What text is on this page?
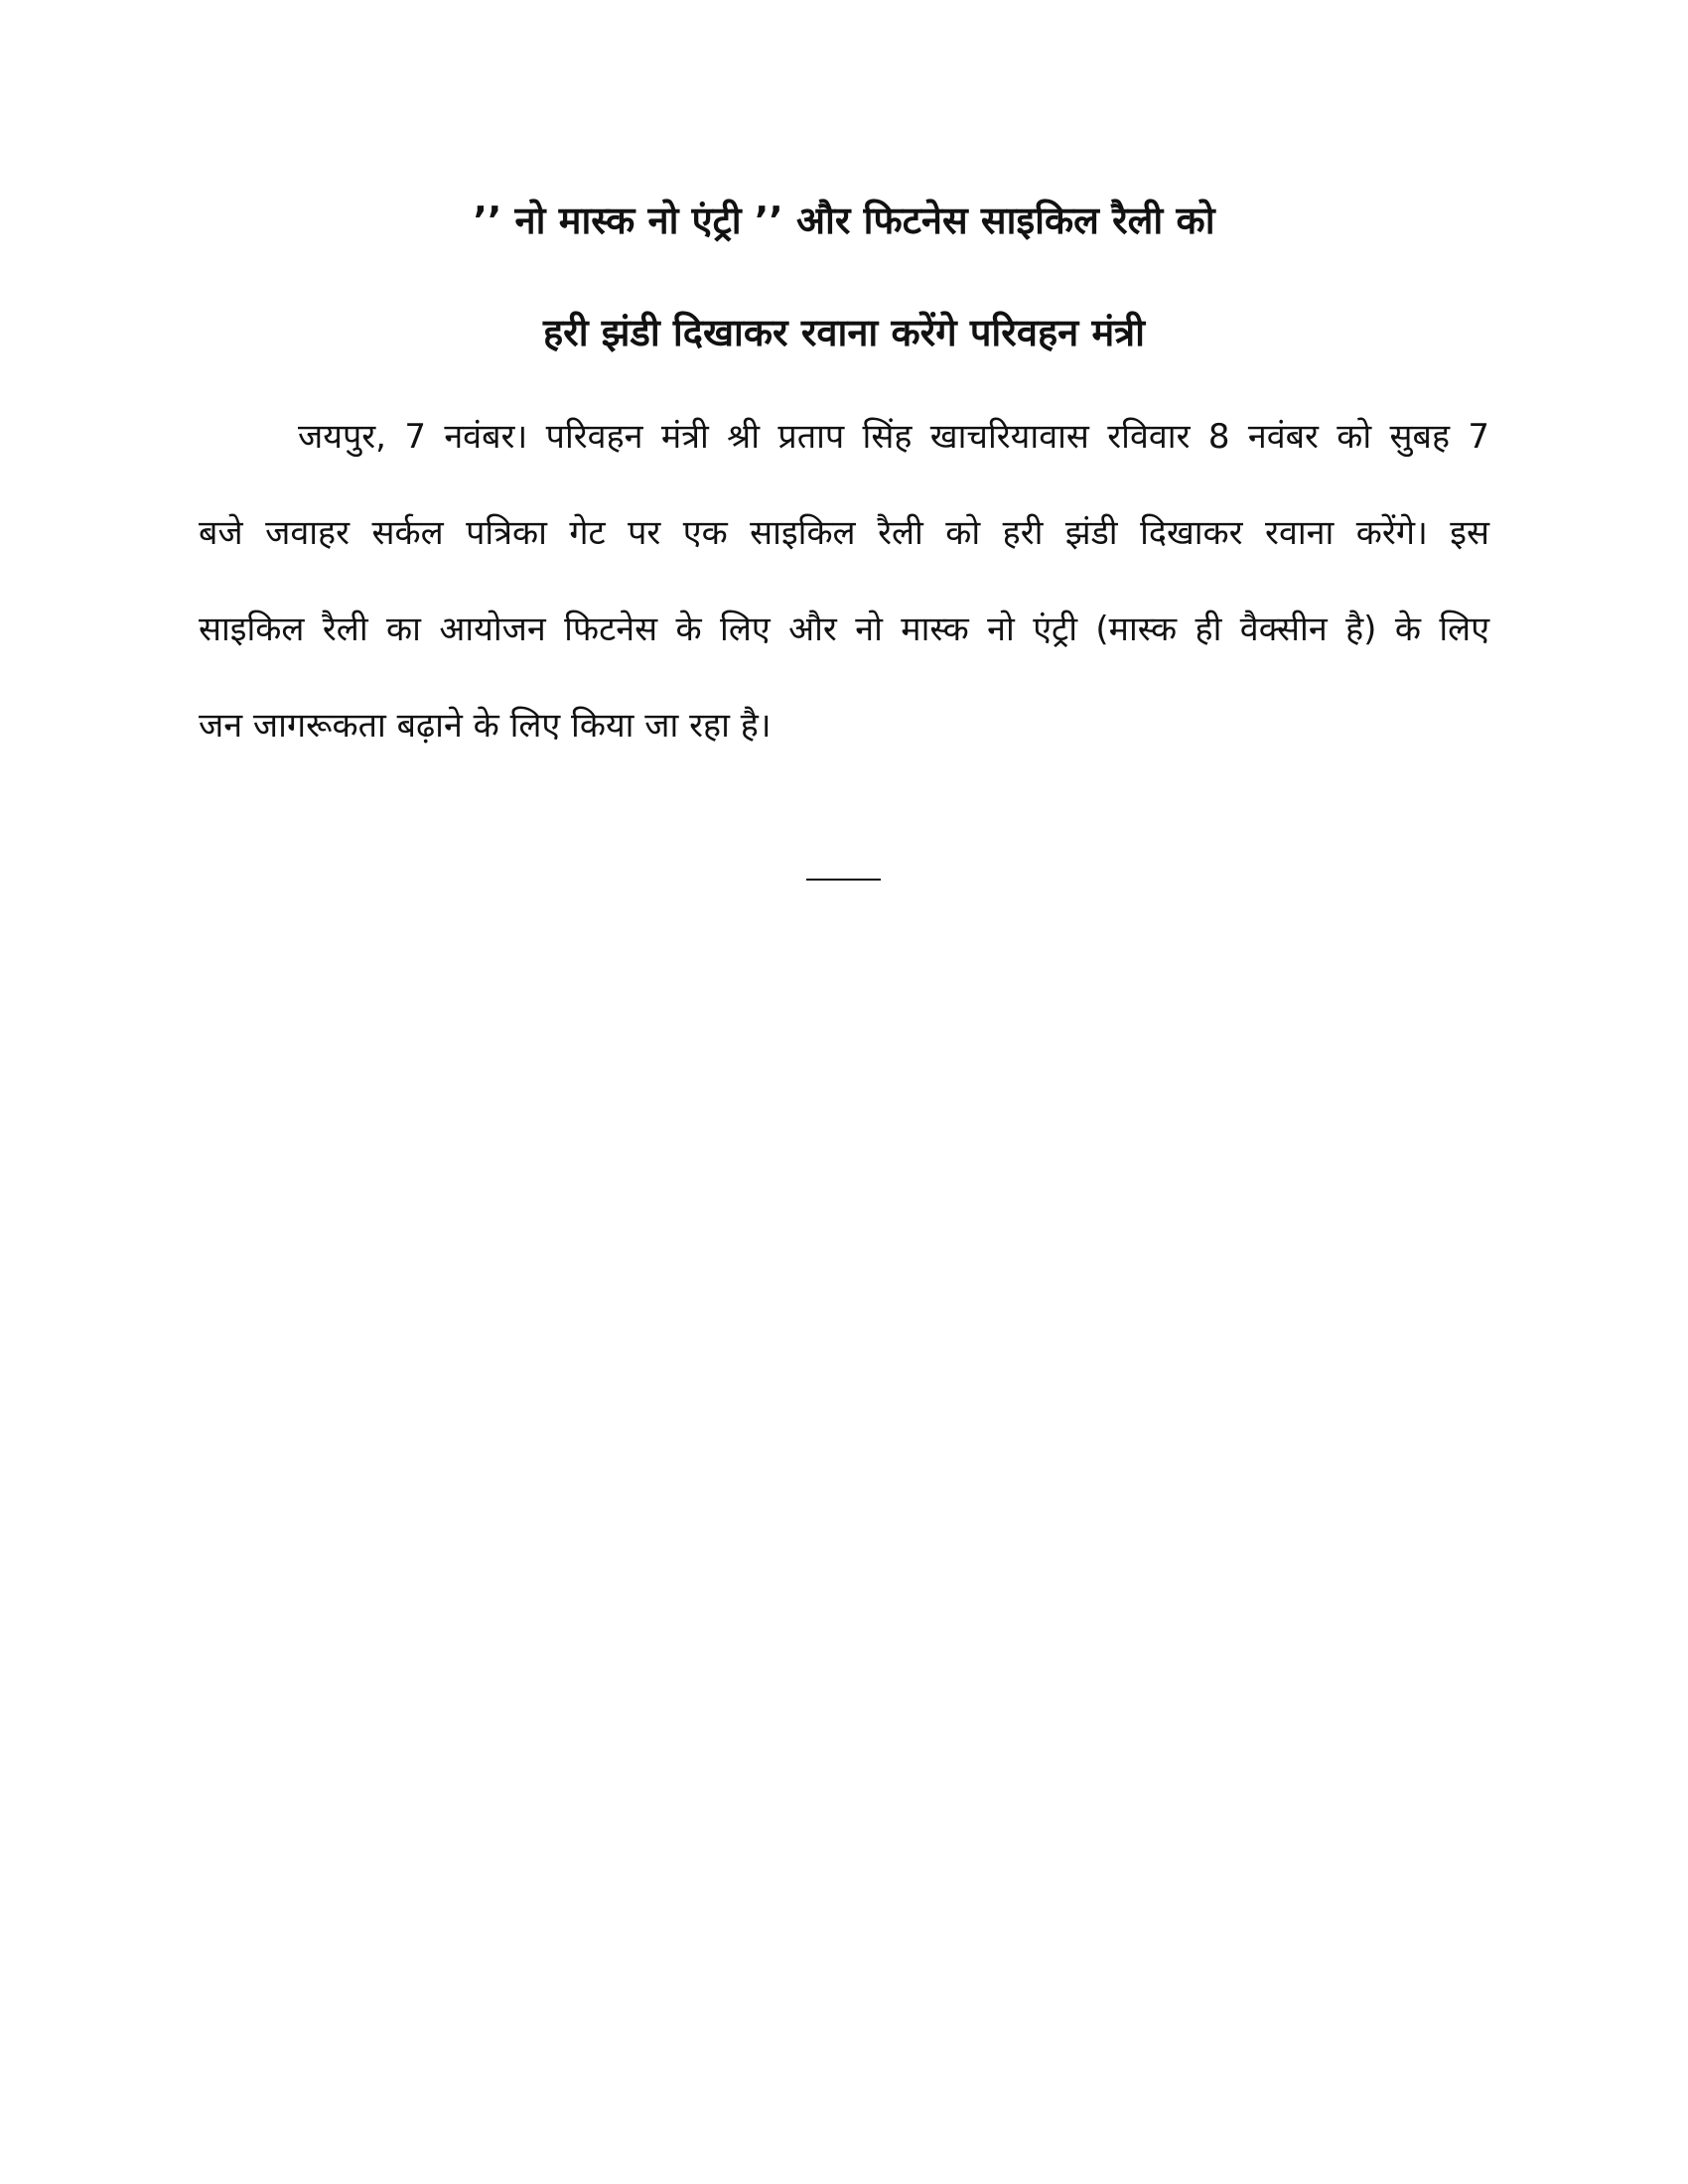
’’ नो मास्क नो एंट्री ’’ और फिटनेस साइकिल रैली को
हरी झंडी दिखाकर रवाना करेंगे परिवहन मंत्री
जयपुर, 7 नवंबर। परिवहन मंत्री श्री प्रताप सिंह खाचरियावास रविवार 8 नवंबर को सुबह 7
बजे जवाहर सर्कल पत्रिका गेट पर एक साइकिल रैली को हरी झंडी दिखाकर रवाना करेंगे। इस
साइकिल रैली का आयोजन फिटनेस के लिए और नो मास्क नो एंट्री (मास्क ही वैक्सीन है) के लिए
जन जागरूकता बढ़ाने के लिए किया जा रहा है।
